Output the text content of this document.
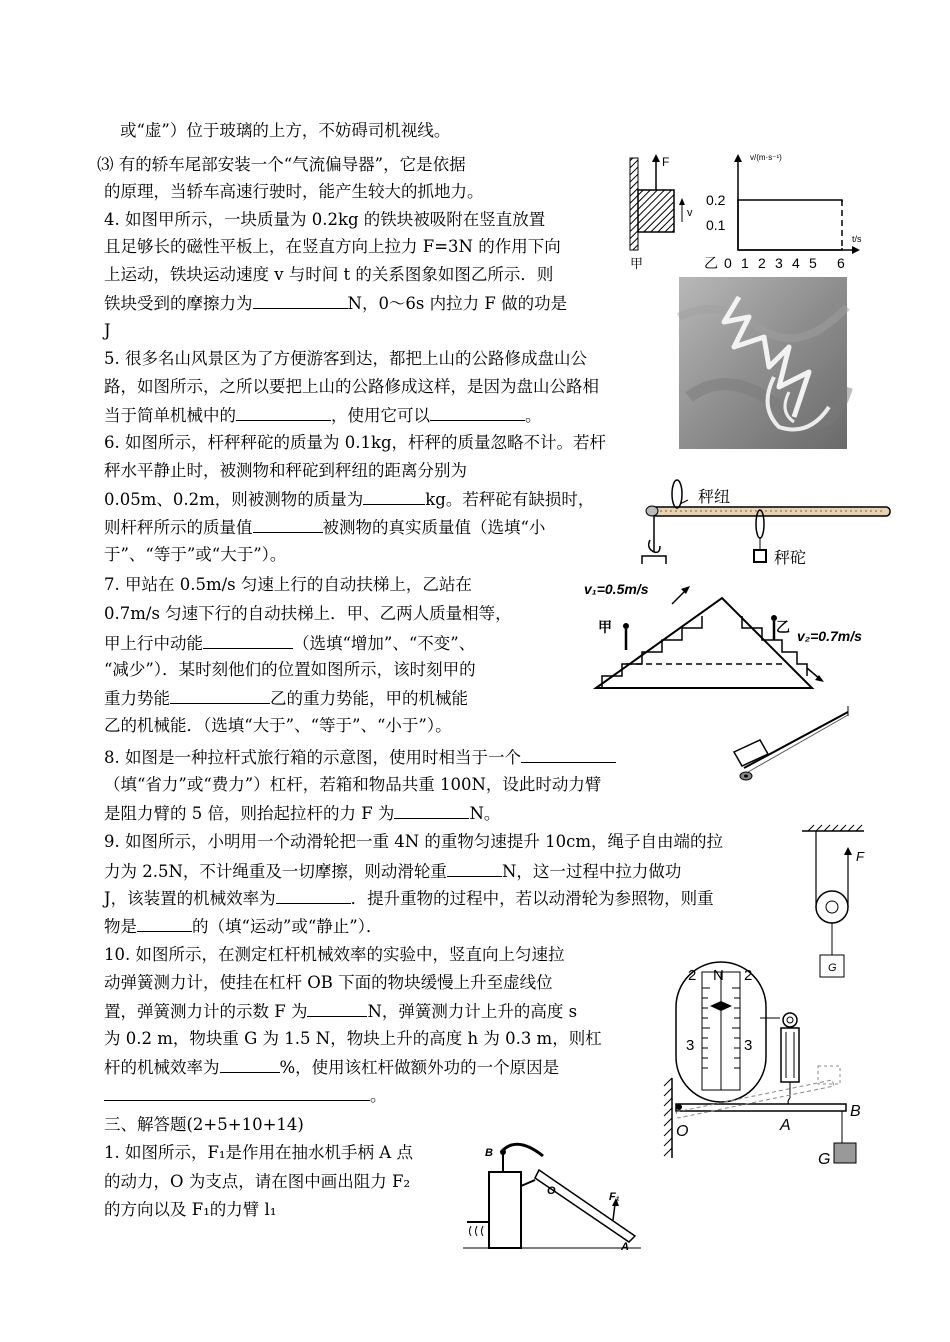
或“虚”）位于玻璃的上方，不妨碍司机视线。
⑶ 有的轿车尾部安装一个“气流偏导器”，它是依据
的原理，当轿车高速行驶时，能产生较大的抓地力。
4. 如图甲所示，一块质量为 0.2kg 的铁块被吸附在竖直放置
且足够长的磁性平板上，在竖直方向上拉力 F=3N 的作用下向
上运动，铁块运动速度 v 与时间 t 的关系图象如图乙所示．则
铁块受到的摩擦力为	N，0～6s 内拉力 F 做的功是
J
5. 很多名山风景区为了方便游客到达，都把上山的公路修成盘山公
路，如图所示，之所以要把上山的公路修成这样，是因为盘山公路相
当于简单机械中的	，使用它可以	。
6. 如图所示，杆秤秤砣的质量为 0.1kg，杆秤的质量忽略不计。若杆
秤水平静止时，被测物和秤砣到秤纽的距离分别为
0.05m、0.2m，则被测物的质量为	kg。若秤砣有缺损时，
则杆秤所示的质量值	被测物的真实质量值（选填“小
于”、“等于”或“大于”）。
7. 甲站在 0.5m/s 匀速上行的自动扶梯上，乙站在
0.7m/s 匀速下行的自动扶梯上．甲、乙两人质量相等，
甲上行中动能	（选填“增加”、“不变”、
“减少”）．某时刻他们的位置如图所示，该时刻甲的
重力势能	乙的重力势能，甲的机械能
乙的机械能．（选填“大于”、“等于”、“小于”）。
8. 如图是一种拉杆式旅行箱的示意图，使用时相当于一个
（填“省力”或“费力”）杠杆，若箱和物品共重 100N，设此时动力臂
是阻力臂的 5 倍，则抬起拉杆的力 F 为	N。
9. 如图所示，小明用一个动滑轮把一重 4N 的重物匀速提升 10cm，绳子自由端的拉
力为 2.5N，不计绳重及一切摩擦，则动滑轮重	N，这一过程中拉力做功
J，该装置的机械效率为	．提升重物的过程中，若以动滑轮为参照物，则重
物是	的（填“运动”或“静止”）．
10. 如图所示，在测定杠杆机械效率的实验中，竖直向上匀速拉
动弹簧测力计，使挂在杠杆 OB 下面的物块缓慢上升至虚线位
置，弹簧测力计的示数 F 为	N，弹簧测力计上升的高度 s
为 0.2 m，物块重 G 为 1.5 N，物块上升的高度 h 为 0.3 m，则杠
杆的机械效率为	%，使用该杠杆做额外功的一个原因是
。
三、解答题(2+5+10+14)
1. 如图所示，F₁是作用在抽水机手柄 A 点
的动力，O 为支点，请在图中画出阻力 F₂
的方向以及 F₁的力臂 l₁
F
v
甲
v/(m·s⁻¹)
t/s
0.2
0.1
乙 0 1 2 3 4 5 6
秤纽
秤砣
v₁=0.5m/s
甲	乙
v₂=0.7m/s
F
G
2 N 2
3	3
O	A
B
G
B
O	F₁
A
